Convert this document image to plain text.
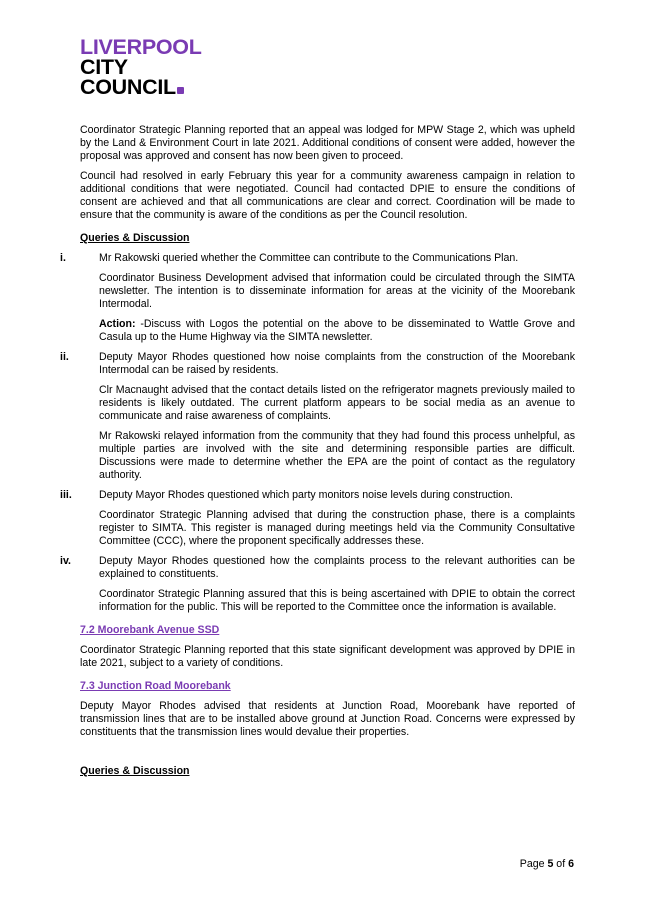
LIVERPOOL
CITY
COUNCIL

Coordinator Strategic Planning reported that an appeal was lodged for MPW Stage 2, which was upheld by the Land & Environment Court in late 2021. Additional conditions of consent were added, however the proposal was approved and consent has now been given to proceed.

Council had resolved in early February this year for a community awareness campaign in relation to additional conditions that were negotiated. Council had contacted DPIE to ensure the conditions of consent are achieved and that all communications are clear and correct. Coordination will be made to ensure that the community is aware of the conditions as per the Council resolution.

Queries & Discussion
i.	Mr Rakowski queried whether the Committee can contribute to the Communications Plan.

Coordinator Business Development advised that information could be circulated through the SIMTA newsletter. The intention is to disseminate information for areas at the vicinity of the Moorebank Intermodal.

Action: -Discuss with Logos the potential on the above to be disseminated to Wattle Grove and Casula up to the Hume Highway via the SIMTA newsletter.

ii.	Deputy Mayor Rhodes questioned how noise complaints from the construction of the Moorebank Intermodal can be raised by residents.

Clr Macnaught advised that the contact details listed on the refrigerator magnets previously mailed to residents is likely outdated. The current platform appears to be social media as an avenue to communicate and raise awareness of complaints.

Mr Rakowski relayed information from the community that they had found this process unhelpful, as multiple parties are involved with the site and determining responsible parties are difficult. Discussions were made to determine whether the EPA are the point of contact as the regulatory authority.

iii.	Deputy Mayor Rhodes questioned which party monitors noise levels during construction.

Coordinator Strategic Planning advised that during the construction phase, there is a complaints register to SIMTA. This register is managed during meetings held via the Community Consultative Committee (CCC), where the proponent specifically addresses these.

iv.	Deputy Mayor Rhodes questioned how the complaints process to the relevant authorities can be explained to constituents.

Coordinator Strategic Planning assured that this is being ascertained with DPIE to obtain the correct information for the public. This will be reported to the Committee once the information is available.

7.2 Moorebank Avenue SSD

Coordinator Strategic Planning reported that this state significant development was approved by DPIE in late 2021, subject to a variety of conditions.

7.3 Junction Road Moorebank

Deputy Mayor Rhodes advised that residents at Junction Road, Moorebank have reported of transmission lines that are to be installed above ground at Junction Road. Concerns were expressed by constituents that the transmission lines would devalue their properties.

Queries & Discussion
Page 5 of 6
